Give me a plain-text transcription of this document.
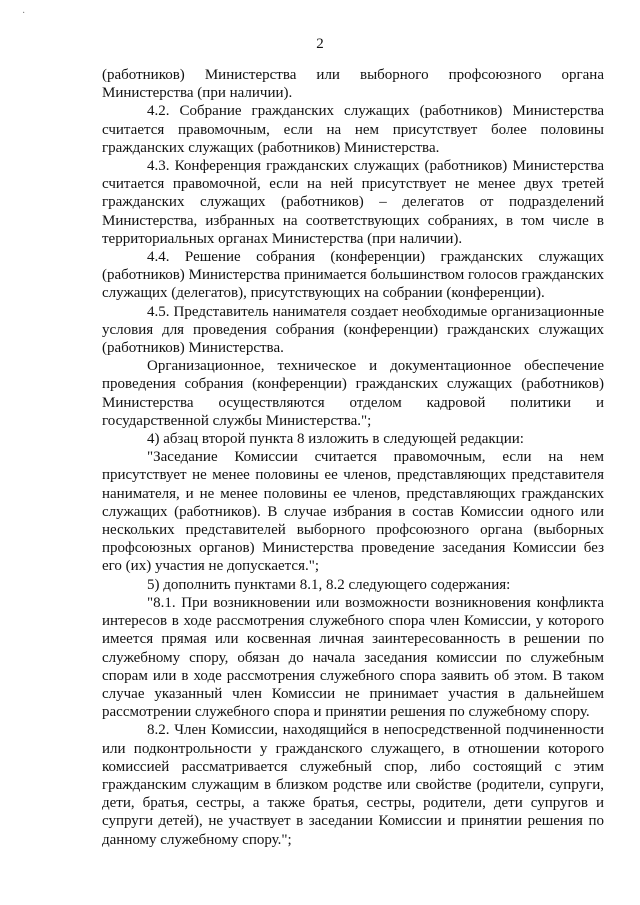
·
2

(работников) Министерства или выборного профсоюзного органа Министерства (при наличии).

4.2. Собрание гражданских служащих (работников) Министерства считается правомочным, если на нем присутствует более половины гражданских служащих (работников) Министерства.

4.3. Конференция гражданских служащих (работников) Министерства считается правомочной, если на ней присутствует не менее двух третей гражданских служащих (работников) – делегатов от подразделений Министерства, избранных на соответствующих собраниях, в том числе в территориальных органах Министерства (при наличии).

4.4. Решение собрания (конференции) гражданских служащих (работников) Министерства принимается большинством голосов гражданских служащих (делегатов), присутствующих на собрании (конференции).

4.5. Представитель нанимателя создает необходимые организационные условия для проведения собрания (конференции) гражданских служащих (работников) Министерства.

Организационное, техническое и документационное обеспечение проведения собрания (конференции) гражданских служащих (работников) Министерства осуществляются отделом кадровой политики и государственной службы Министерства.";

4) абзац второй пункта 8 изложить в следующей редакции:

"Заседание Комиссии считается правомочным, если на нем присутствует не менее половины ее членов, представляющих представителя нанимателя, и не менее половины ее членов, представляющих гражданских служащих (работников). В случае избрания в состав Комиссии одного или нескольких представителей выборного профсоюзного органа (выборных профсоюзных органов) Министерства проведение заседания Комиссии без его (их) участия не допускается.";

5) дополнить пунктами 8.1, 8.2 следующего содержания:

"8.1. При возникновении или возможности возникновения конфликта интересов в ходе рассмотрения служебного спора член Комиссии, у которого имеется прямая или косвенная личная заинтересованность в решении по служебному спору, обязан до начала заседания комиссии по служебным спорам или в ходе рассмотрения служебного спора заявить об этом. В таком случае указанный член Комиссии не принимает участия в дальнейшем рассмотрении служебного спора и принятии решения по служебному спору.

8.2. Член Комиссии, находящийся в непосредственной подчиненности или подконтрольности у гражданского служащего, в отношении которого комиссией рассматривается служебный спор, либо состоящий с этим гражданским служащим в близком родстве или свойстве (родители, супруги, дети, братья, сестры, а также братья, сестры, родители, дети супругов и супруги детей), не участвует в заседании Комиссии и принятии решения по данному служебному спору.";
